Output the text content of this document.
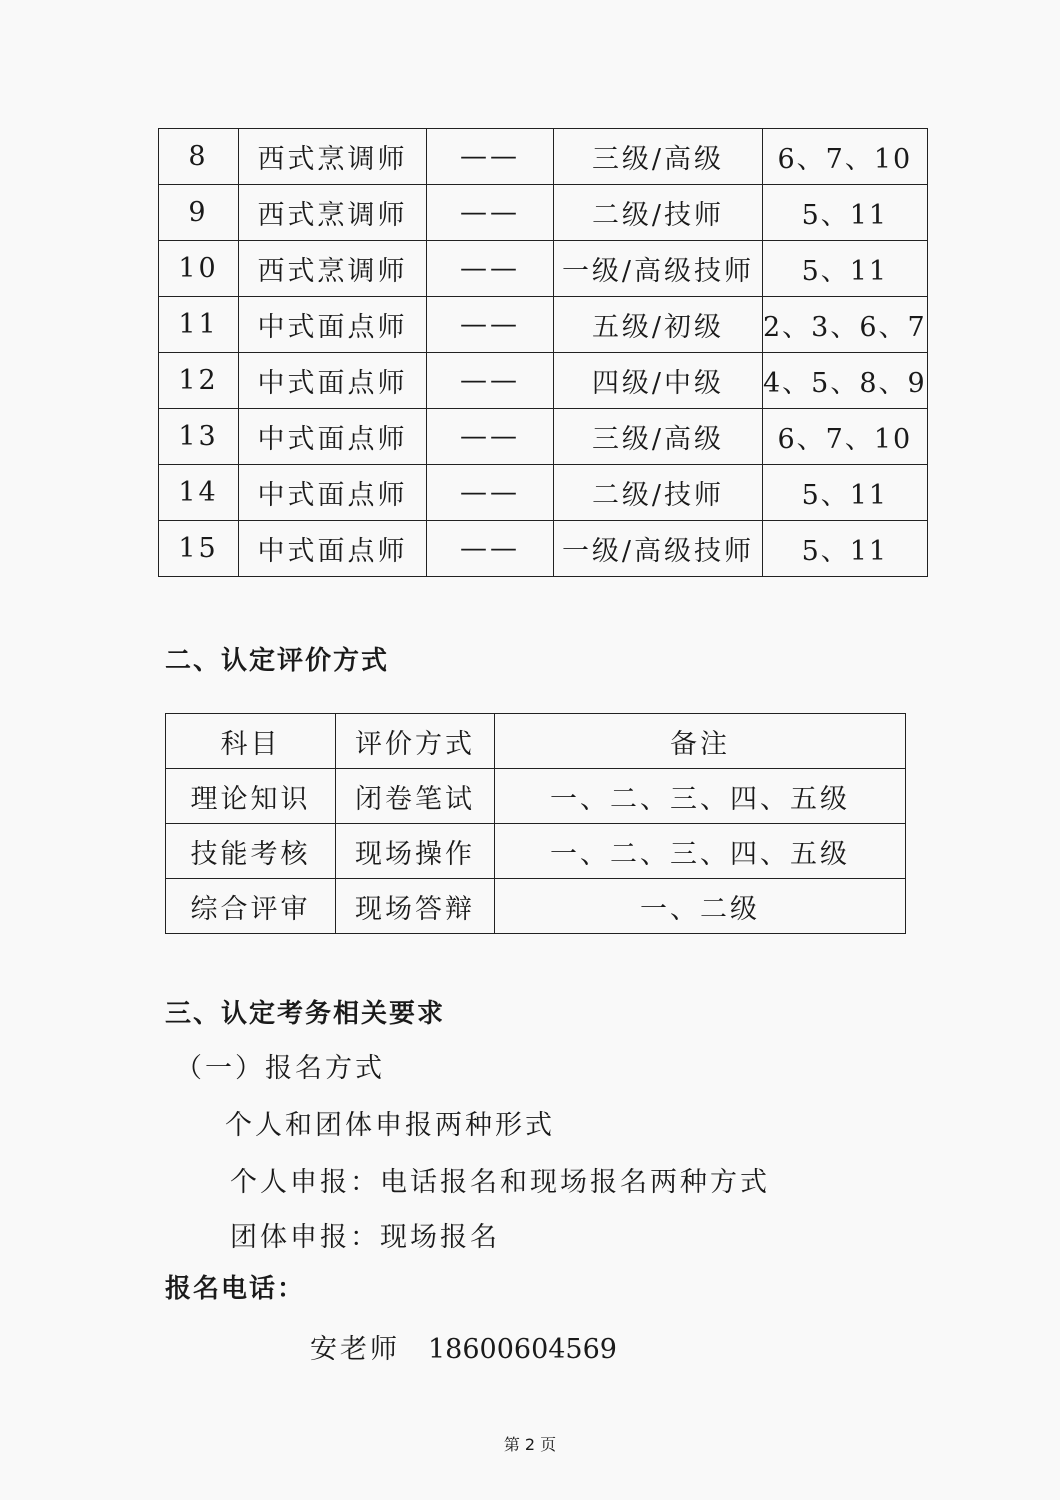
8	西式烹调师	——	三级/高级	6、7、10
9	西式烹调师	——	二级/技师	5、11
10	西式烹调师	——	一级/高级技师	5、11
11	中式面点师	——	五级/初级	2、3、6、7
12	中式面点师	——	四级/中级	4、5、8、9
13	中式面点师	——	三级/高级	6、7、10
14	中式面点师	——	二级/技师	5、11
15	中式面点师	——	一级/高级技师	5、11
二、认定评价方式
科目	评价方式	备注
理论知识	闭卷笔试	一、二、三、四、五级
技能考核	现场操作	一、二、三、四、五级
综合评审	现场答辩	一、二级
三、认定考务相关要求
（一）报名方式
个人和团体申报两种形式
个人申报：电话报名和现场报名两种方式
团体申报：现场报名
报名电话：
安老师 18600604569
第 2 页
